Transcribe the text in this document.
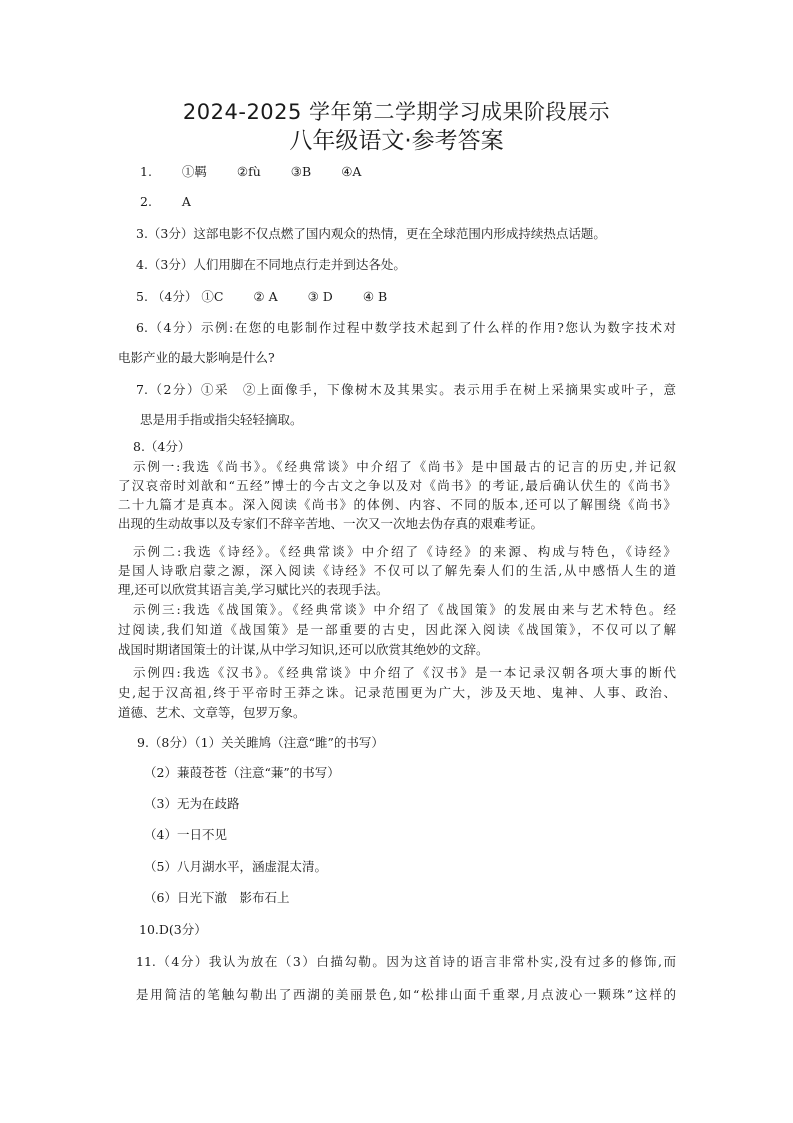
2024-2025 学年第二学期学习成果阶段展示
八年级语文·参考答案
1. ①羁 ②fù ③B ④A
2. A
3.（3分）这部电影不仅点燃了国内观众的热情，更在全球范围内形成持续热点话题。
4.（3分）人们用脚在不同地点行走并到达各处。
5. （4分） ①C ② A ③ D ④ B
6.（4分）示例:在您的电影制作过程中数学技术起到了什么样的作用?您认为数字技术对
电影产业的最大影响是什么?
7.（2分）①采　②上面像手，下像树木及其果实。表示用手在树上采摘果实或叶子，意
思是用手指或指尖轻轻摘取。
8.（4分）
示例一:我选《尚书》。《经典常谈》中介绍了《尚书》是中国最古的记言的历史,并记叙
了汉哀帝时刘歆和“五经”博士的今古文之争以及对《尚书》的考证,最后确认伏生的《尚书》
二十九篇才是真本。深入阅读《尚书》的体例、内容、不同的版本,还可以了解围绕《尚书》
出现的生动故事以及专家们不辞辛苦地、一次又一次地去伪存真的艰难考证。
示例二:我选《诗经》。《经典常谈》中介绍了《诗经》的来源、构成与特色，《诗经》
是国人诗歌启蒙之源，深入阅读《诗经》不仅可以了解先秦人们的生活,从中感悟人生的道
理,还可以欣赏其语言美,学习赋比兴的表现手法。
示例三:我选《战国策》。《经典常谈》中介绍了《战国策》的发展由来与艺术特色。经
过阅读,我们知道《战国策》是一部重要的古史，因此深入阅读《战国策》，不仅可以了解
战国时期诸国策士的计谋,从中学习知识,还可以欣赏其绝妙的文辞。
示例四:我选《汉书》。《经典常谈》中介绍了《汉书》是一本记录汉朝各项大事的断代
史,起于汉高祖,终于平帝时王莽之诛。记录范围更为广大，涉及天地、鬼神、人事、政治、
道德、艺术、文章等，包罗万象。
9.（8分）（1）关关雎鸠（注意“雎”的书写）
（2）蒹葭苍苍（注意“蒹”的书写）
（3）无为在歧路
（4）一日不见
（5）八月湖水平，涵虚混太清。
（6）日光下澈　影布石上
10.D(3分）
11.（4分）我认为放在（3）白描勾勒。因为这首诗的语言非常朴实,没有过多的修饰,而
是用简洁的笔触勾勒出了西湖的美丽景色,如“松排山面千重翠,月点波心一颗珠”这样的
